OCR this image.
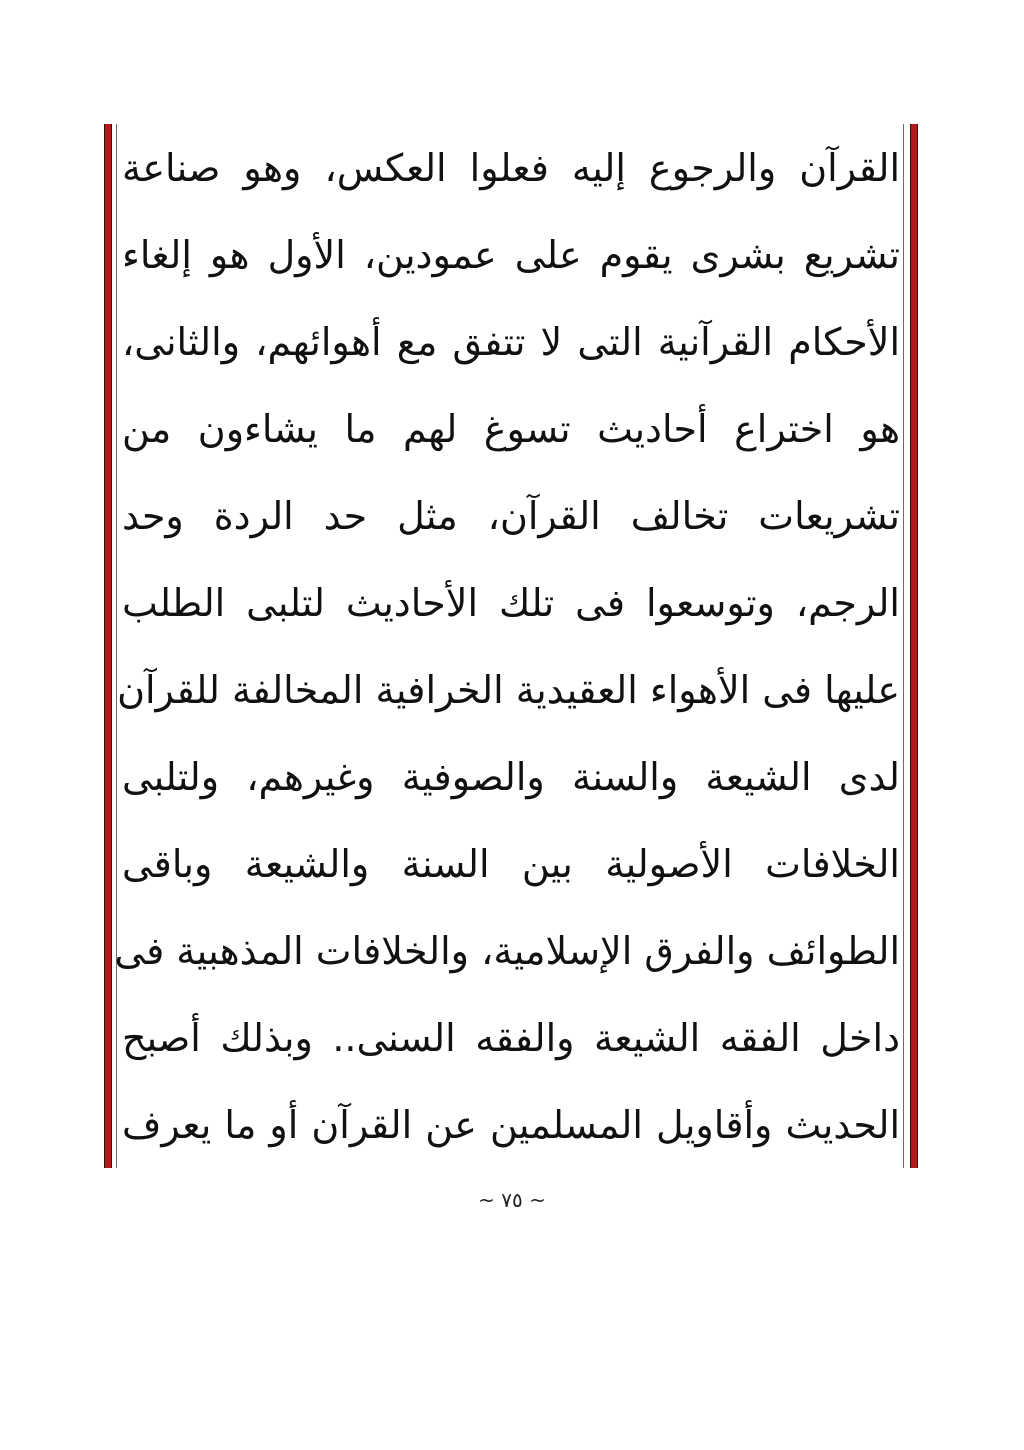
القرآن والرجوع إليه فعلوا العكس، وهو صناعة
تشريع بشرى يقوم على عمودين، الأول هو إلغاء
الأحكام القرآنية التى لا تتفق مع أهوائهم، والثانى،
هو اختراع أحاديث تسوغ لهم ما يشاءون من
تشريعات تخالف القرآن، مثل حد الردة وحد
الرجم، وتوسعوا فى تلك الأحاديث لتلبى الطلب
عليها فى الأهواء العقيدية الخرافية المخالفة للقرآن
لدى الشيعة والسنة والصوفية وغيرهم، ولتلبى
الخلافات الأصولية بين السنة والشيعة وباقى
الطوائف والفرق الإسلامية، والخلافات المذهبية فى
داخل الفقه الشيعة والفقه السنى.. وبذلك أصبح
الحديث وأقاويل المسلمين عن القرآن أو ما يعرف
~ ٧٥ ~
